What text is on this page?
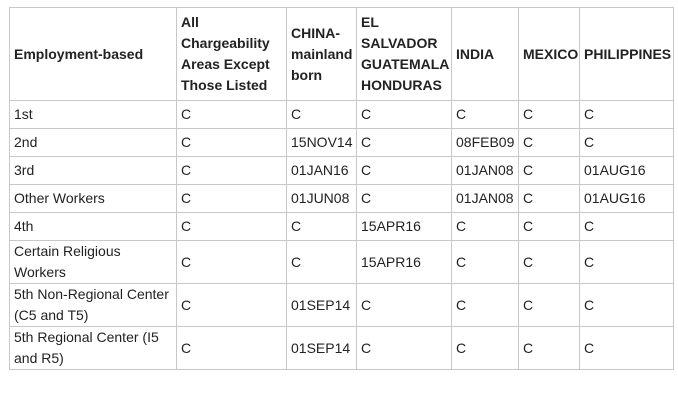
Employment-based	All Chargeability Areas Except Those Listed	CHINA-mainland born	EL SALVADOR GUATEMALA HONDURAS	INDIA	MEXICO	PHILIPPINES

1st	C	C	C	C	C	C
2nd	C	15NOV14	C	08FEB09	C	C
3rd	C	01JAN16	C	01JAN08	C	01AUG16
Other Workers	C	01JUN08	C	01JAN08	C	01AUG16
4th	C	C	15APR16	C	C	C
Certain Religious Workers	C	C	15APR16	C	C	C
5th Non-Regional Center (C5 and T5)	C	01SEP14	C	C	C	C
5th Regional Center (I5 and R5)	C	01SEP14	C	C	C	C
